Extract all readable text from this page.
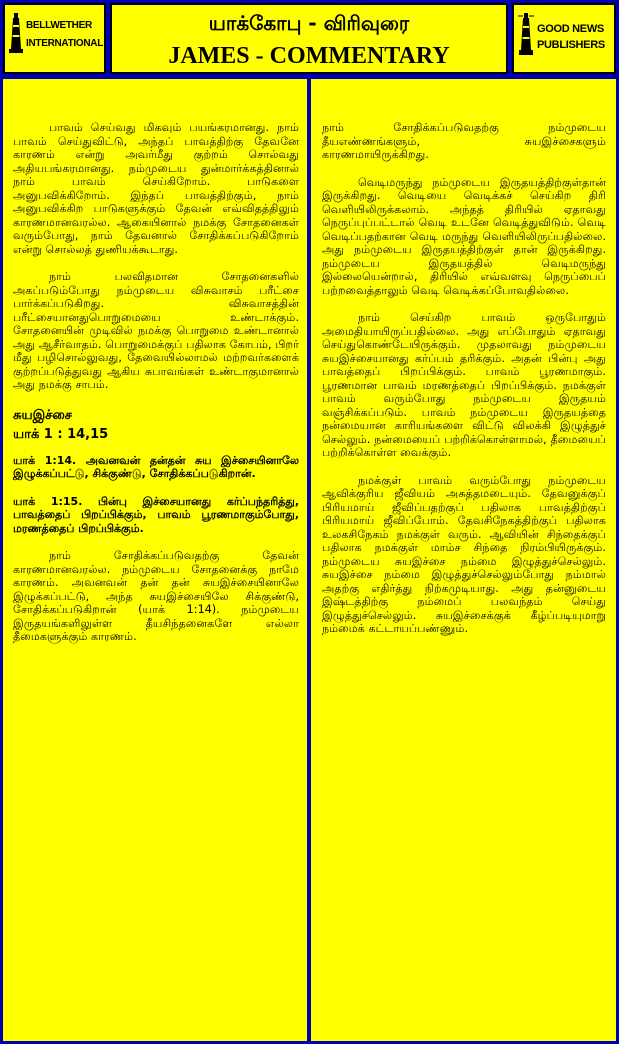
BELLWETHER
INTERNATIONAL
யாக்கோபு - விரிவுரை
JAMES - COMMENTARY
GOOD NEWS
PUBLISHERS

பாவம் செய்வது மிகவும் பயங்கரமானது. நாம் பாவம் செய்துவிட்டு, அந்தப் பாவத்திற்கு தேவனே காரணம் என்று அவர்மீது குற்றம் சொல்வது அதியபங்கரமானது. நம்முடைய துன்மார்க்கத்தினால் நாம் பாவம் செய்கிறோம். பாடுகளை அனுபவிக்கிறோம். இந்தப் பாவத்திற்கும், நாம் அனுபவிக்கிற பாடுகளுக்கும் தேவன் எவ்விதத்திலும் காரணமானவரல்ல. ஆகையினால் நமக்கு சோதனைகள் வரும்போது, நாம் தேவனால் சோதிக்கப்படுகிறோம் என்று சொல்லத் துணியக்கூடாது.

நாம் பலவிதமான சோதனைகளில் அகப்படும்போது நம்முடைய விசுவாசம் பரீட்சை பார்க்கப்படுகிறது. விசுவாசத்தின் பரீட்சையானதுபொறுமையை உண்டாக்கும். சோதனையின் முடிவில் நமக்கு பொறுமை உண்டானால் அது ஆசீர்வாதம். பொறுமைக்குப் பதிலாக கோபம், பிறர் மீது பழிசொல்லுவது, தேவையில்லாமல் மற்றவர்களைக் குற்றப்படுத்துவது ஆகிய சுபாவங்கள் உண்டாகுமானால் அது நமக்கு சாபம்.

சுயஇச்சை
யாக் 1 : 14,15

யாக் 1:14. அவனவன் தன்தன் சுய இச்சையினாலே இழுக்கப்பட்டு, சிக்குண்டு, சோதிக்கப்படுகிறான்.

யாக் 1:15. பின்பு இச்சையானது கர்ப்பந்தரித்து, பாவத்தைப் பிறப்பிக்கும், பாவம் பூரணமாகும்போது, மரணத்தைப் பிறப்பிக்கும்.

நாம் சோதிக்கப்படுவதற்கு தேவன் காரணமானவரல்ல. நம்முடைய சோதனைக்கு நாமே காரணம். அவனவன் தன் தன் சுயஇச்சையினாலே இழுக்கப்பட்டு, அந்த சுயஇச்சையிலே சிக்குண்டு, சோதிக்கப்படுகிறான் (யாக் 1:14). நம்முடைய இருதயங்களிலுள்ள தீயசிந்தனைகளே எல்லா தீமைகளுக்கும் காரணம்.

நாம் சோதிக்கப்படுவதற்கு நம்முடைய தீயஎண்ணங்களும், சுயஇச்சைகளும் காரணமாயிருக்கிறது.

வெடிமருந்து நம்முடைய இருதயத்திற்குள்தான் இருக்கிறது. வெடியை வெடிக்கச் செய்கிற திரி வெளியிலிருக்கலாம். அந்தத் திரியில் ஏதாவது நெருப்புப்பட்டால் வெடி உடனே வெடித்துவிடும். வெடி வெடிப்பதற்கான வெடி மருந்து வெளியிலிருப்பதில்லை. அது நம்முடைய இருதயத்திற்குள் தான் இருக்கிறது. நம்முடைய இருதயத்தில் வெடிமருந்து இல்லையென்றால், திரியில் எவ்வளவு நெருப்பைப் பற்றவைத்தாலும் வெடி வெடிக்கப்போவதில்லை.

நாம் செய்கிற பாவம் ஒருபோதும் அமைதியாயிருப்பதில்லை. அது எப்போதும் ஏதாவது செய்துகொண்டேயிருக்கும். முதலாவது நம்முடைய சுயஇச்சையானது கர்ப்பம் தரிக்கும். அதன் பின்பு அது பாவத்தைப் பிறப்பிக்கும். பாவம் பூரணமாகும். பூரணமான பாவம் மரணத்தைப் பிறப்பிக்கும். நமக்குள் பாவம் வரும்போது நம்முடைய இருதயம் வஞ்சிக்கப்படும். பாவம் நம்முடைய இருதயத்தை நன்மையான காரியங்களை விட்டு விலக்கி இழுத்துச் செல்லும். நன்மையைப் பற்றிக்கொள்ளாமல், தீமையைப் பற்றிக்கொள்ள வைக்கும்.

நமக்குள் பாவம் வரும்போது நம்முடைய ஆவிக்குரிய ஜீவியம் அசுத்தமடையும். தேவனுக்குப் பிரியமாய் ஜீவிப்பதற்குப் பதிலாக பாவத்திற்குப் பிரியமாய் ஜீவிப்போம். தேவசிநேகத்திற்குப் பதிலாக உலகசிநேகம் நமக்குள் வரும். ஆவியின் சிந்தைக்குப் பதிலாக நமக்குள் மாம்ச சிந்தை நிரம்பியிருக்கும். நம்முடைய சுயஇச்சை நம்மை இழுத்துச்செல்லும். சுயஇச்சை நம்மை இழுத்துச்செல்லும்போது நம்மால் அதற்கு எதிர்த்து நிற்கமுடியாது. அது தன்னுடைய இஷ்டத்திற்கு நம்மைப் பலவந்தம் செய்து இழுத்துச்செல்லும். சுயஇச்சைக்குக் கீழ்ப்படியுமாறு நம்மைக் கட்டாயப்பண்ணும்.
